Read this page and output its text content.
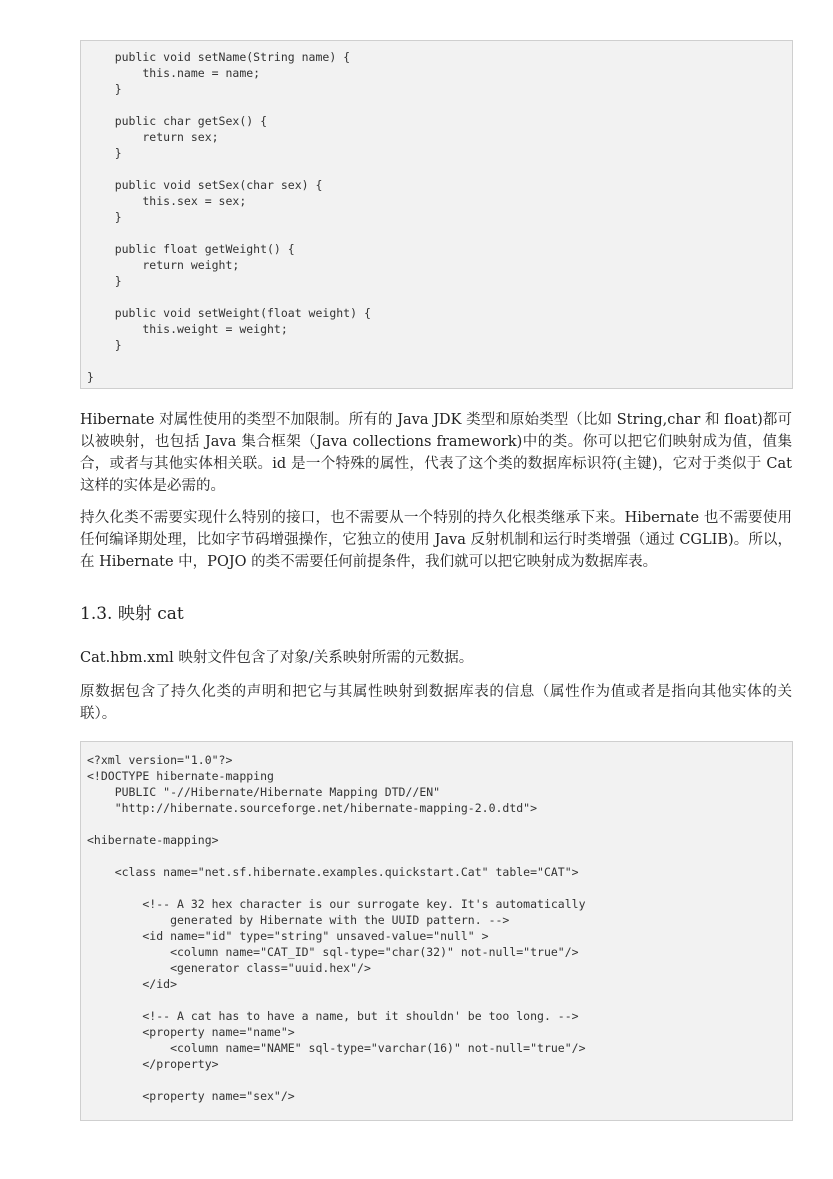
public void setName(String name) {
this.name = name;
}

public char getSex() {
return sex;
}

public void setSex(char sex) {
this.sex = sex;
}

public float getWeight() {
return weight;
}

public void setWeight(float weight) {
this.weight = weight;
}

}

Hibernate 对属性使用的类型不加限制。所有的 Java JDK 类型和原始类型（比如 String,char 和 float)都可以被映射，也包括 Java 集合框架（Java collections framework)中的类。你可以把它们映射成为值，值集合，或者与其他实体相关联。id 是一个特殊的属性，代表了这个类的数据库标识符(主键)，它对于类似于 Cat 这样的实体是必需的。

持久化类不需要实现什么特别的接口，也不需要从一个特别的持久化根类继承下来。Hibernate 也不需要使用任何编译期处理，比如字节码增强操作，它独立的使用 Java 反射机制和运行时类增强（通过 CGLIB)。所以，在 Hibernate 中，POJO 的类不需要任何前提条件，我们就可以把它映射成为数据库表。

1.3. 映射 cat

Cat.hbm.xml 映射文件包含了对象/关系映射所需的元数据。

原数据包含了持久化类的声明和把它与其属性映射到数据库表的信息（属性作为值或者是指向其他实体的关联）。

<?xml version="1.0"?>
<!DOCTYPE hibernate-mapping
PUBLIC "-//Hibernate/Hibernate Mapping DTD//EN"
"http://hibernate.sourceforge.net/hibernate-mapping-2.0.dtd">

<hibernate-mapping>

<class name="net.sf.hibernate.examples.quickstart.Cat" table="CAT">

<!-- A 32 hex character is our surrogate key. It's automatically
generated by Hibernate with the UUID pattern. -->
<id name="id" type="string" unsaved-value="null" >
<column name="CAT_ID" sql-type="char(32)" not-null="true"/>
<generator class="uuid.hex"/>
</id>

<!-- A cat has to have a name, but it shouldn' be too long. -->
<property name="name">
<column name="NAME" sql-type="varchar(16)" not-null="true"/>
</property>

<property name="sex"/>
